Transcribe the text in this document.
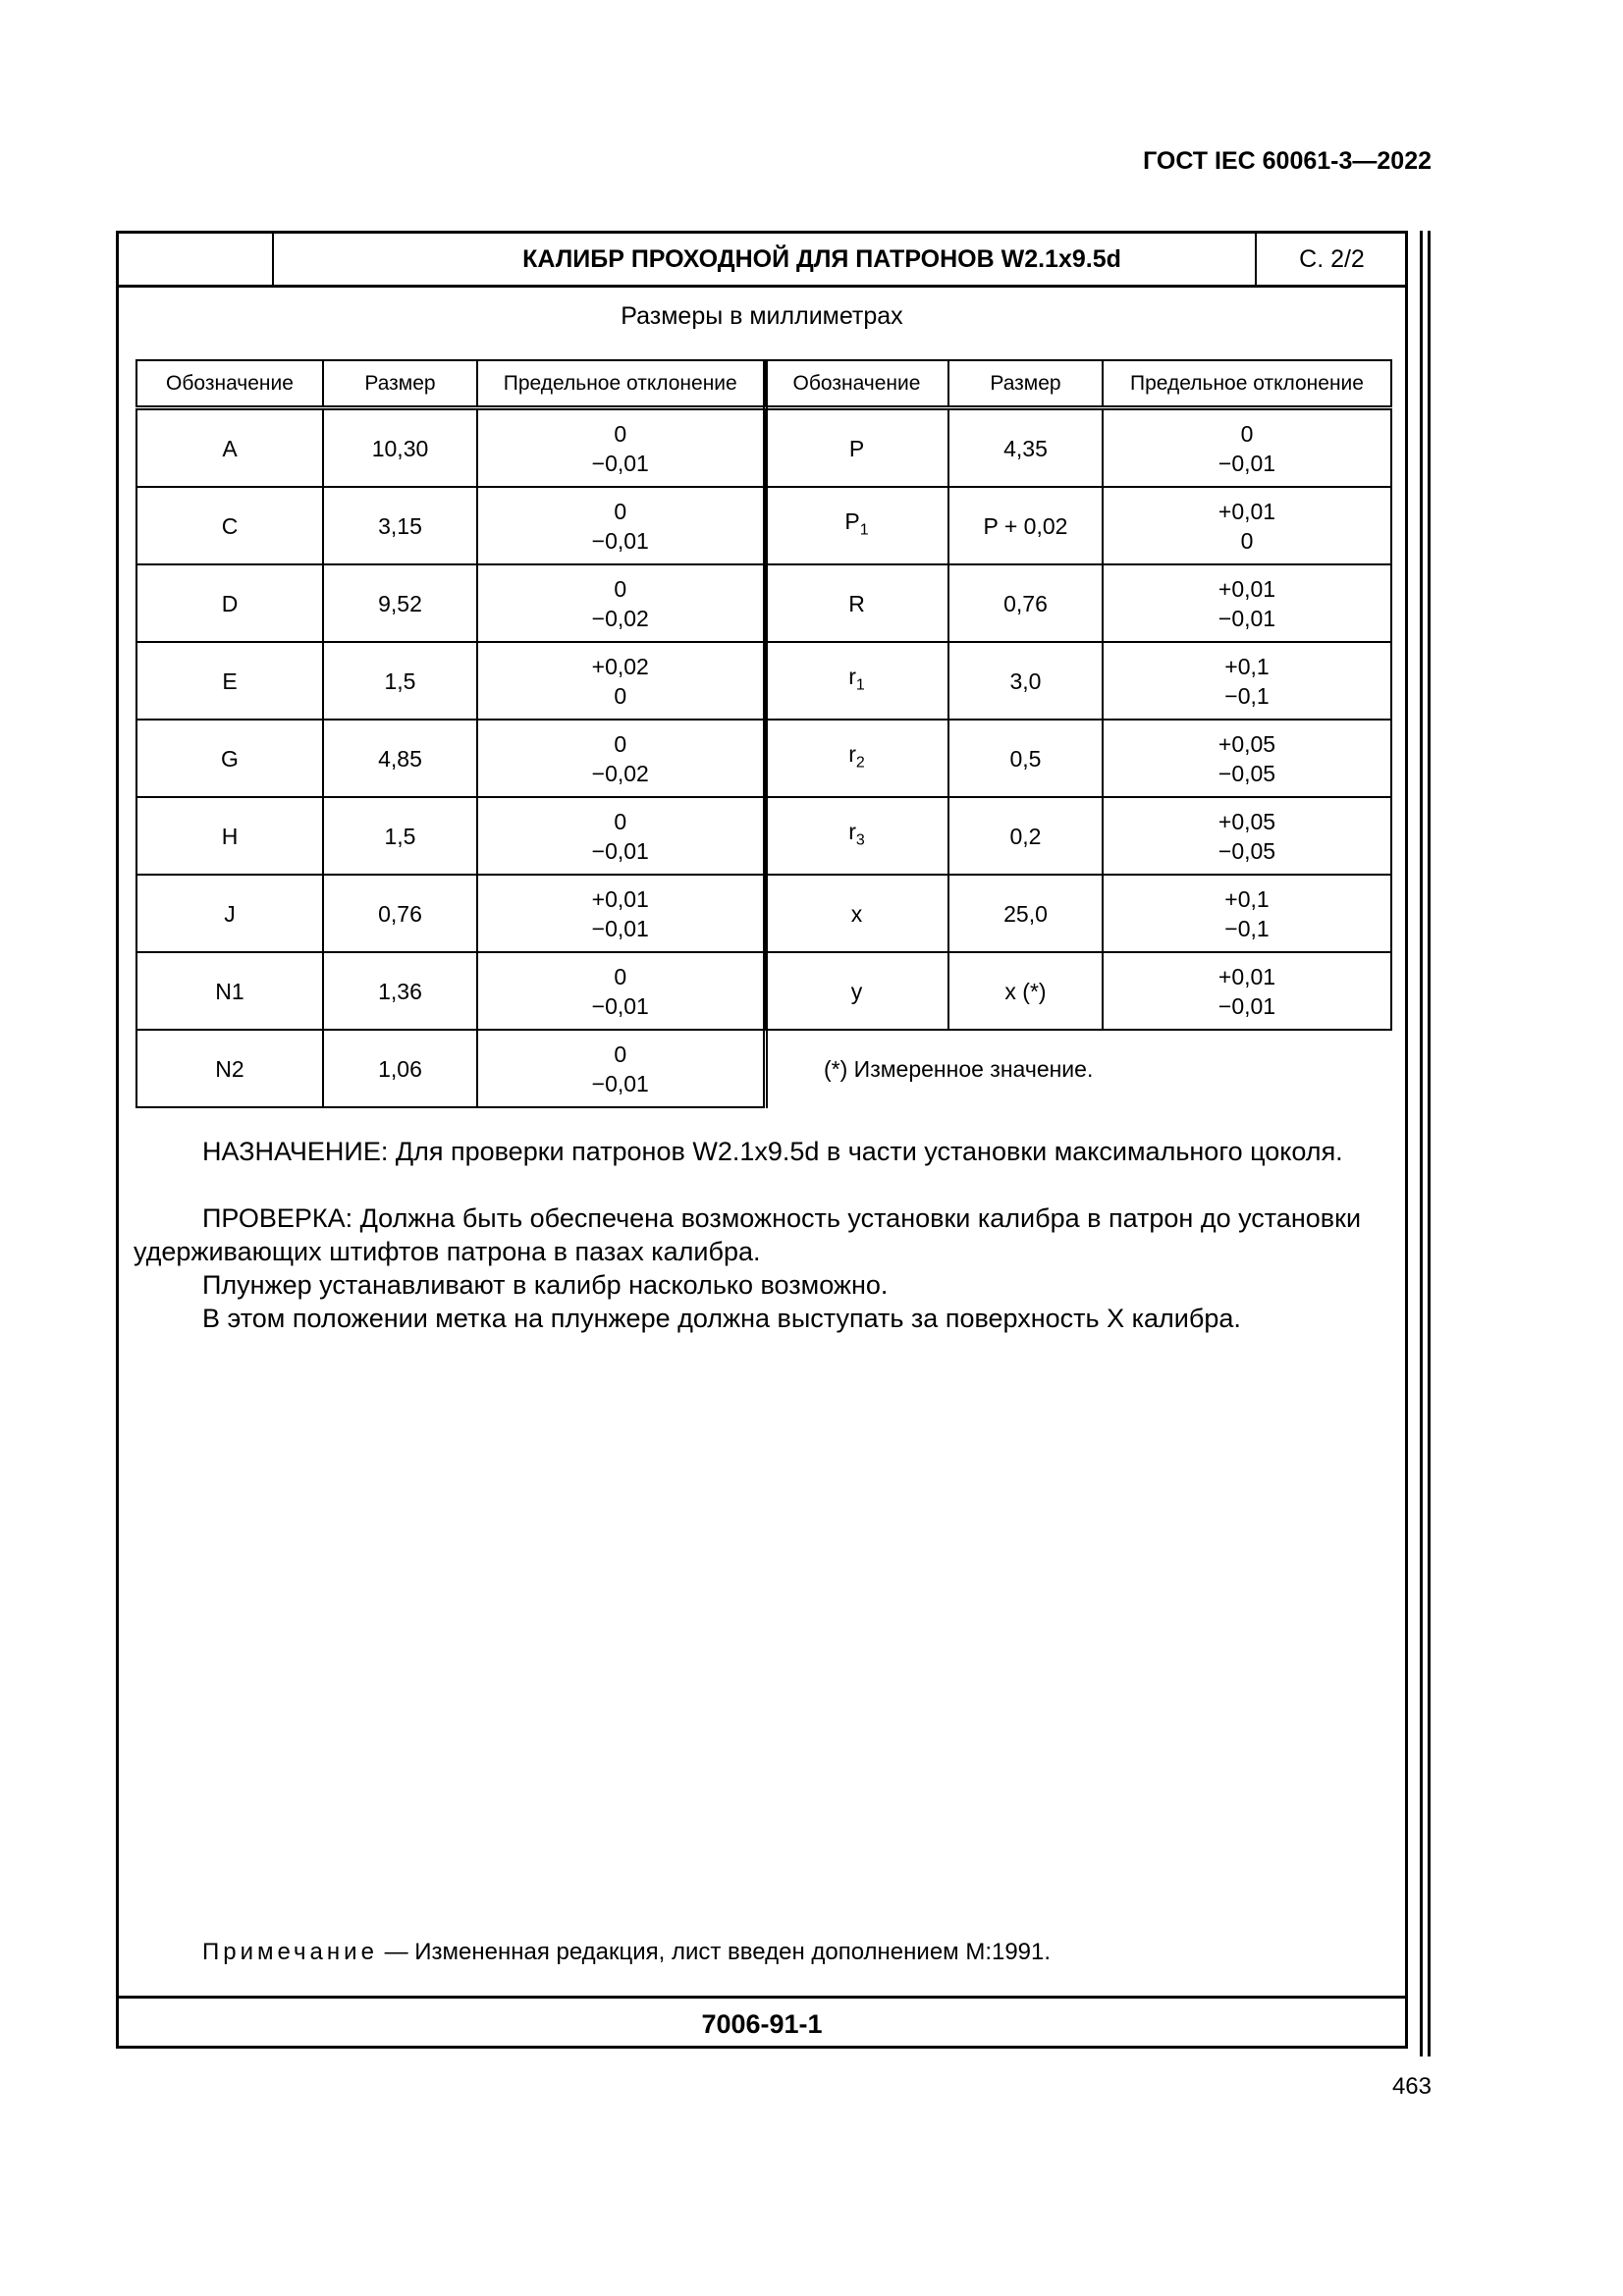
ГОСТ IEC 60061-3—2022
КАЛИБР ПРОХОДНОЙ ДЛЯ ПАТРОНОВ W2.1x9.5d	С. 2/2
Размеры в миллиметрах
Обозначение	Размер	Предельное отклонение
A	10,30	0
−0,01

C	3,15	0
−0,01

D	9,52	0
−0,02

E	1,5	+0,02
0

G	4,85	0
−0,02

H	1,5	0
−0,01

J	0,76	+0,01
−0,01

N1	1,36	0
−0,01

N2	1,06	0
−0,01
Обозначение	Размер	Предельное отклонение
P	4,35	0
−0,01

$P_1$	P + 0,02	+0,01
0

R	0,76	+0,01
−0,01

$r_1$	3,0	+0,1
−0,1

$r_2$	0,5	+0,05
−0,05

$r_3$	0,2	+0,05
−0,05

x	25,0	+0,1
−0,1

y	x (*)	+0,01
−0,01
(*) Измеренное значение.
НАЗНАЧЕНИЕ: Для проверки патронов W2.1x9.5d в части установки максимального цоколя.
ПРОВЕРКА: Должна быть обеспечена возможность установки калибра в патрон до установки удерживающих штифтов патрона в пазах калибра.
Плунжер устанавливают в калибр насколько возможно.
В этом положении метка на плунжере должна выступать за поверхность X калибра.
Примечание — Измененная редакция, лист введен дополнением М:1991.
7006-91-1
463
